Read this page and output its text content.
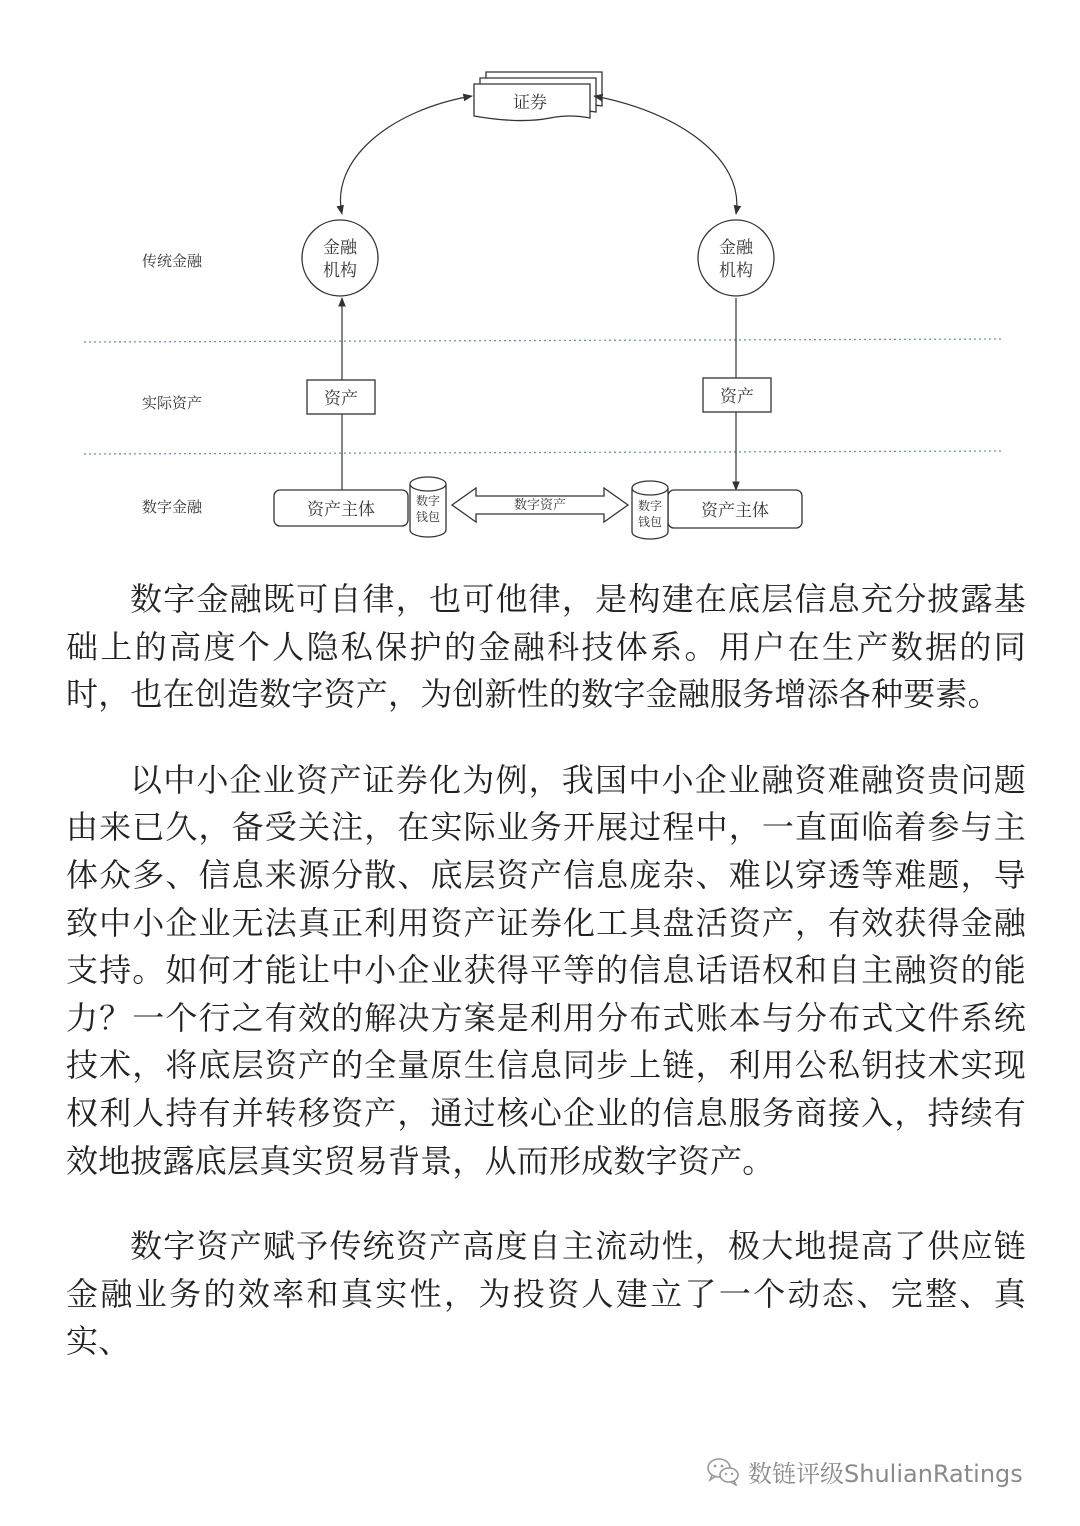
传统金融
实际资产
数字金融
证券
金融
机构
金融
机构
资产	资产
资产主体	资产主体
数字
钱包
数字
钱包
数字资产

数字金融既可自律，也可他律，是构建在底层信息充分披露基础上的高度个人隐私保护的金融科技体系。用户在生产数据的同时，也在创造数字资产，为创新性的数字金融服务增添各种要素。

以中小企业资产证券化为例，我国中小企业融资难融资贵问题由来已久，备受关注，在实际业务开展过程中，一直面临着参与主体众多、信息来源分散、底层资产信息庞杂、难以穿透等难题，导致中小企业无法真正利用资产证券化工具盘活资产，有效获得金融支持。如何才能让中小企业获得平等的信息话语权和自主融资的能力？一个行之有效的解决方案是利用分布式账本与分布式文件系统技术，将底层资产的全量原生信息同步上链，利用公私钥技术实现权利人持有并转移资产，通过核心企业的信息服务商接入，持续有效地披露底层真实贸易背景，从而形成数字资产。

数字资产赋予传统资产高度自主流动性，极大地提高了供应链金融业务的效率和真实性，为投资人建立了一个动态、完整、真实、

数链评级ShulianRatings
